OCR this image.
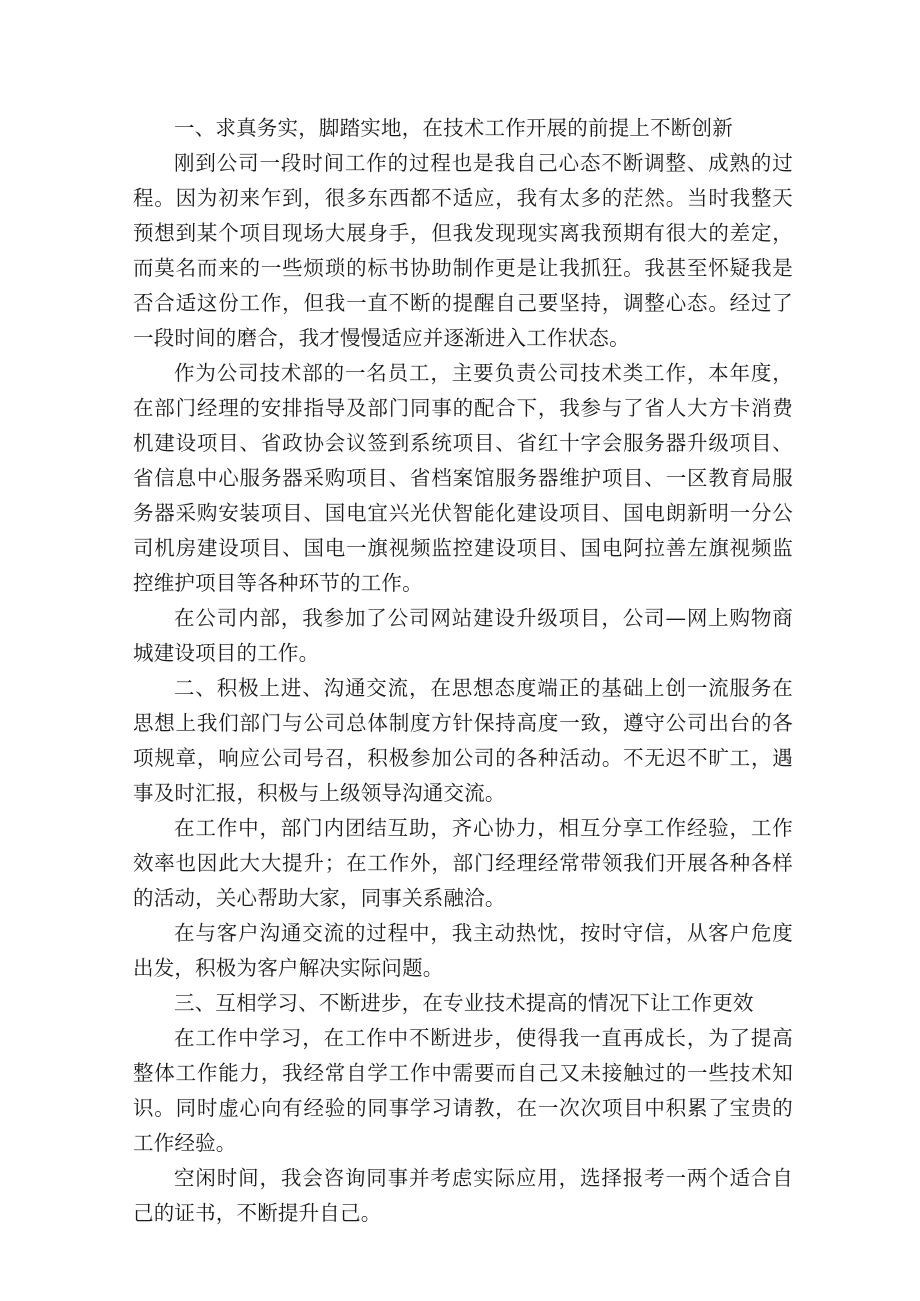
一、求真务实，脚踏实地，在技术工作开展的前提上不断创新

刚到公司一段时间工作的过程也是我自己心态不断调整、成熟的过程。因为初来乍到，很多东西都不适应，我有太多的茫然。当时我整天预想到某个项目现场大展身手，但我发现现实离我预期有很大的差定，而莫名而来的一些烦琐的标书协助制作更是让我抓狂。我甚至怀疑我是否合适这份工作，但我一直不断的提醒自己要坚持，调整心态。经过了一段时间的磨合，我才慢慢适应并逐渐进入工作状态。

作为公司技术部的一名员工，主要负责公司技术类工作，本年度，在部门经理的安排指导及部门同事的配合下，我参与了省人大方卡消费机建设项目、省政协会议签到系统项目、省红十字会服务器升级项目、省信息中心服务器采购项目、省档案馆服务器维护项目、一区教育局服务器采购安装项目、国电宜兴光伏智能化建设项目、国电朗新明一分公司机房建设项目、国电一旗视频监控建设项目、国电阿拉善左旗视频监控维护项目等各种环节的工作。

在公司内部，我参加了公司网站建设升级项目，公司—网上购物商城建设项目的工作。

二、积极上进、沟通交流，在思想态度端正的基础上创一流服务在思想上我们部门与公司总体制度方针保持高度一致，遵守公司出台的各项规章，响应公司号召，积极参加公司的各种活动。不无迟不旷工，遇事及时汇报，积极与上级领导沟通交流。

在工作中，部门内团结互助，齐心协力，相互分享工作经验，工作效率也因此大大提升；在工作外，部门经理经常带领我们开展各种各样的活动，关心帮助大家，同事关系融洽。

在与客户沟通交流的过程中，我主动热忱，按时守信，从客户危度出发，积极为客户解决实际问题。

三、互相学习、不断进步，在专业技术提高的情况下让工作更效

在工作中学习，在工作中不断进步，使得我一直再成长，为了提高整体工作能力，我经常自学工作中需要而自己又未接触过的一些技术知识。同时虚心向有经验的同事学习请教，在一次次项目中积累了宝贵的工作经验。

空闲时间，我会咨询同事并考虑实际应用，选择报考一两个适合自己的证书，不断提升自己。
